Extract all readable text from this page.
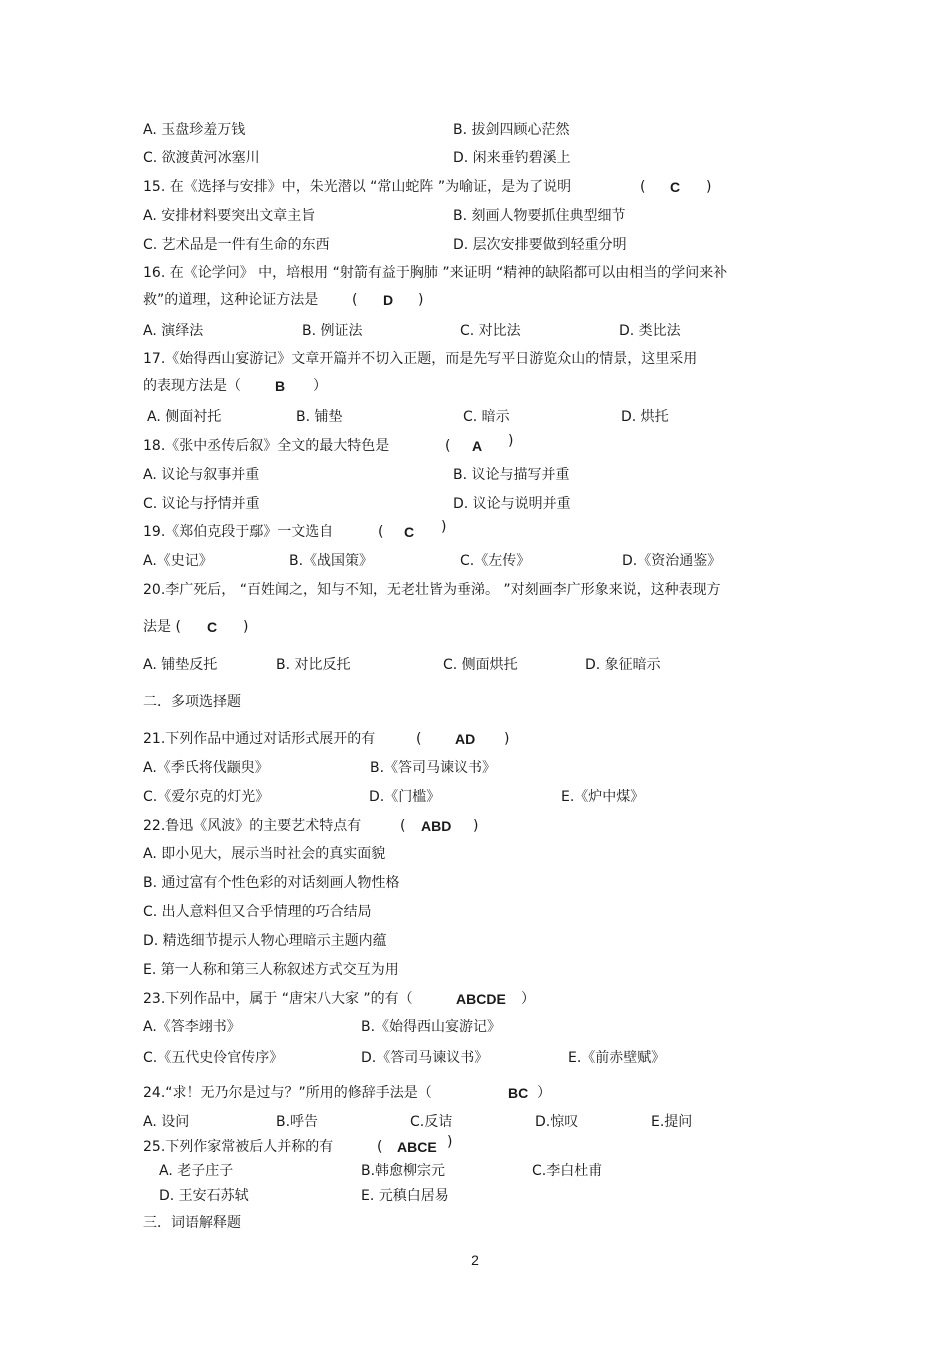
A. 玉盘珍羞万钱	B. 拔剑四顾心茫然
C. 欲渡黄河冰塞川	D. 闲来垂钓碧溪上
15. 在《选择与安排》中，朱光潜以 “常山蛇阵 ”为喻证，是为了说明	( C )
A. 安排材料要突出文章主旨	B. 刻画人物要抓住典型细节
C. 艺术品是一件有生命的东西	D. 层次安排要做到轻重分明
16. 在《论学问》 中，培根用 “射箭有益于胸肺 ”来证明 “精神的缺陷都可以由相当的学问来补
救”的道理，这种论证方法是 ( D )
A. 演绎法	B. 例证法	C. 对比法	D. 类比法
17.《始得西山宴游记》文章开篇并不切入正题，而是先写平日游览众山的情景，这里采用
的表现方法是（ B ）
A. 侧面衬托	B. 铺垫	C. 暗示	D. 烘托
18.《张中丞传后叙》全文的最大特色是	( A )
A. 议论与叙事并重	B. 议论与描写并重
C. 议论与抒情并重	D. 议论与说明并重
19.《郑伯克段于鄢》一文选自	( C )
A.《史记》	B.《战国策》	C.《左传》	D.《资治通鉴》
20.李广死后， “百姓闻之，知与不知，无老壮皆为垂涕。 ”对刻画李广形象来说，这种表现方
法是 ( C )
A. 铺垫反托	B. 对比反托	C. 侧面烘托	D. 象征暗示
二．多项选择题
21.下列作品中通过对话形式展开的有	( AD )
A.《季氏将伐颛臾》	B.《答司马谏议书》
C.《爱尔克的灯光》	D.《门槛》	E.《炉中煤》
22.鲁迅《风波》的主要艺术特点有	( ABD )
A. 即小见大，展示当时社会的真实面貌
B. 通过富有个性色彩的对话刻画人物性格
C. 出人意料但又合乎情理的巧合结局
D. 精选细节提示人物心理暗示主题内蕴
E. 第一人称和第三人称叙述方式交互为用
23.下列作品中，属于 “唐宋八大家 ”的有（	ABCDE ）
A.《答李翊书》	B.《始得西山宴游记》
C.《五代史伶官传序》	D.《答司马谏议书》	E.《前赤壁赋》
24.“求！无乃尔是过与？”所用的修辞手法是（	BC ）
A. 设问	B.呼告	C.反诘	D.惊叹	E.提问
25.下列作家常被后人并称的有	( ABCE )
A. 老子庄子	B.韩愈柳宗元	C.李白杜甫
D. 王安石苏轼	E. 元稹白居易
三．词语解释题
2
